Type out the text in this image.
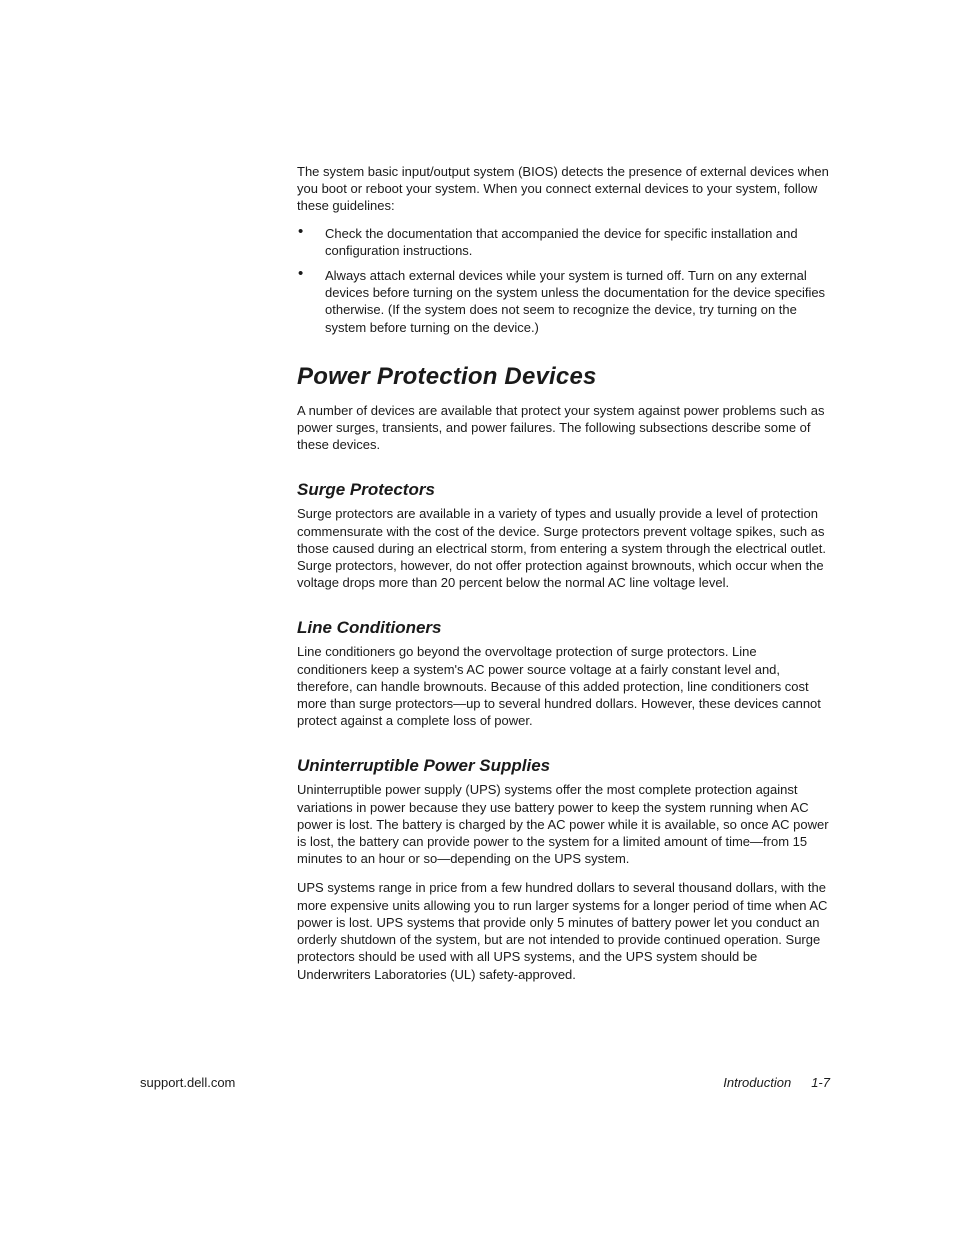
The system basic input/output system (BIOS) detects the presence of external devices when you boot or reboot your system. When you connect external devices to your system, follow these guidelines:

• Check the documentation that accompanied the device for specific installation and configuration instructions.
• Always attach external devices while your system is turned off. Turn on any external devices before turning on the system unless the documentation for the device specifies otherwise. (If the system does not seem to recognize the device, try turning on the system before turning on the device.)
Power Protection Devices

A number of devices are available that protect your system against power problems such as power surges, transients, and power failures. The following subsections describe some of these devices.

Surge Protectors

Surge protectors are available in a variety of types and usually provide a level of protection commensurate with the cost of the device. Surge protectors prevent voltage spikes, such as those caused during an electrical storm, from entering a system through the electrical outlet. Surge protectors, however, do not offer protection against brownouts, which occur when the voltage drops more than 20 percent below the normal AC line voltage level.

Line Conditioners

Line conditioners go beyond the overvoltage protection of surge protectors. Line conditioners keep a system's AC power source voltage at a fairly constant level and, therefore, can handle brownouts. Because of this added protection, line conditioners cost more than surge protectors—up to several hundred dollars. However, these devices cannot protect against a complete loss of power.

Uninterruptible Power Supplies

Uninterruptible power supply (UPS) systems offer the most complete protection against variations in power because they use battery power to keep the system running when AC power is lost. The battery is charged by the AC power while it is available, so once AC power is lost, the battery can provide power to the system for a limited amount of time—from 15 minutes to an hour or so—depending on the UPS system.

UPS systems range in price from a few hundred dollars to several thousand dollars, with the more expensive units allowing you to run larger systems for a longer period of time when AC power is lost. UPS systems that provide only 5 minutes of battery power let you conduct an orderly shutdown of the system, but are not intended to provide continued operation. Surge protectors should be used with all UPS systems, and the UPS system should be Underwriters Laboratories (UL) safety-approved.

support.dell.com	Introduction 1-7
